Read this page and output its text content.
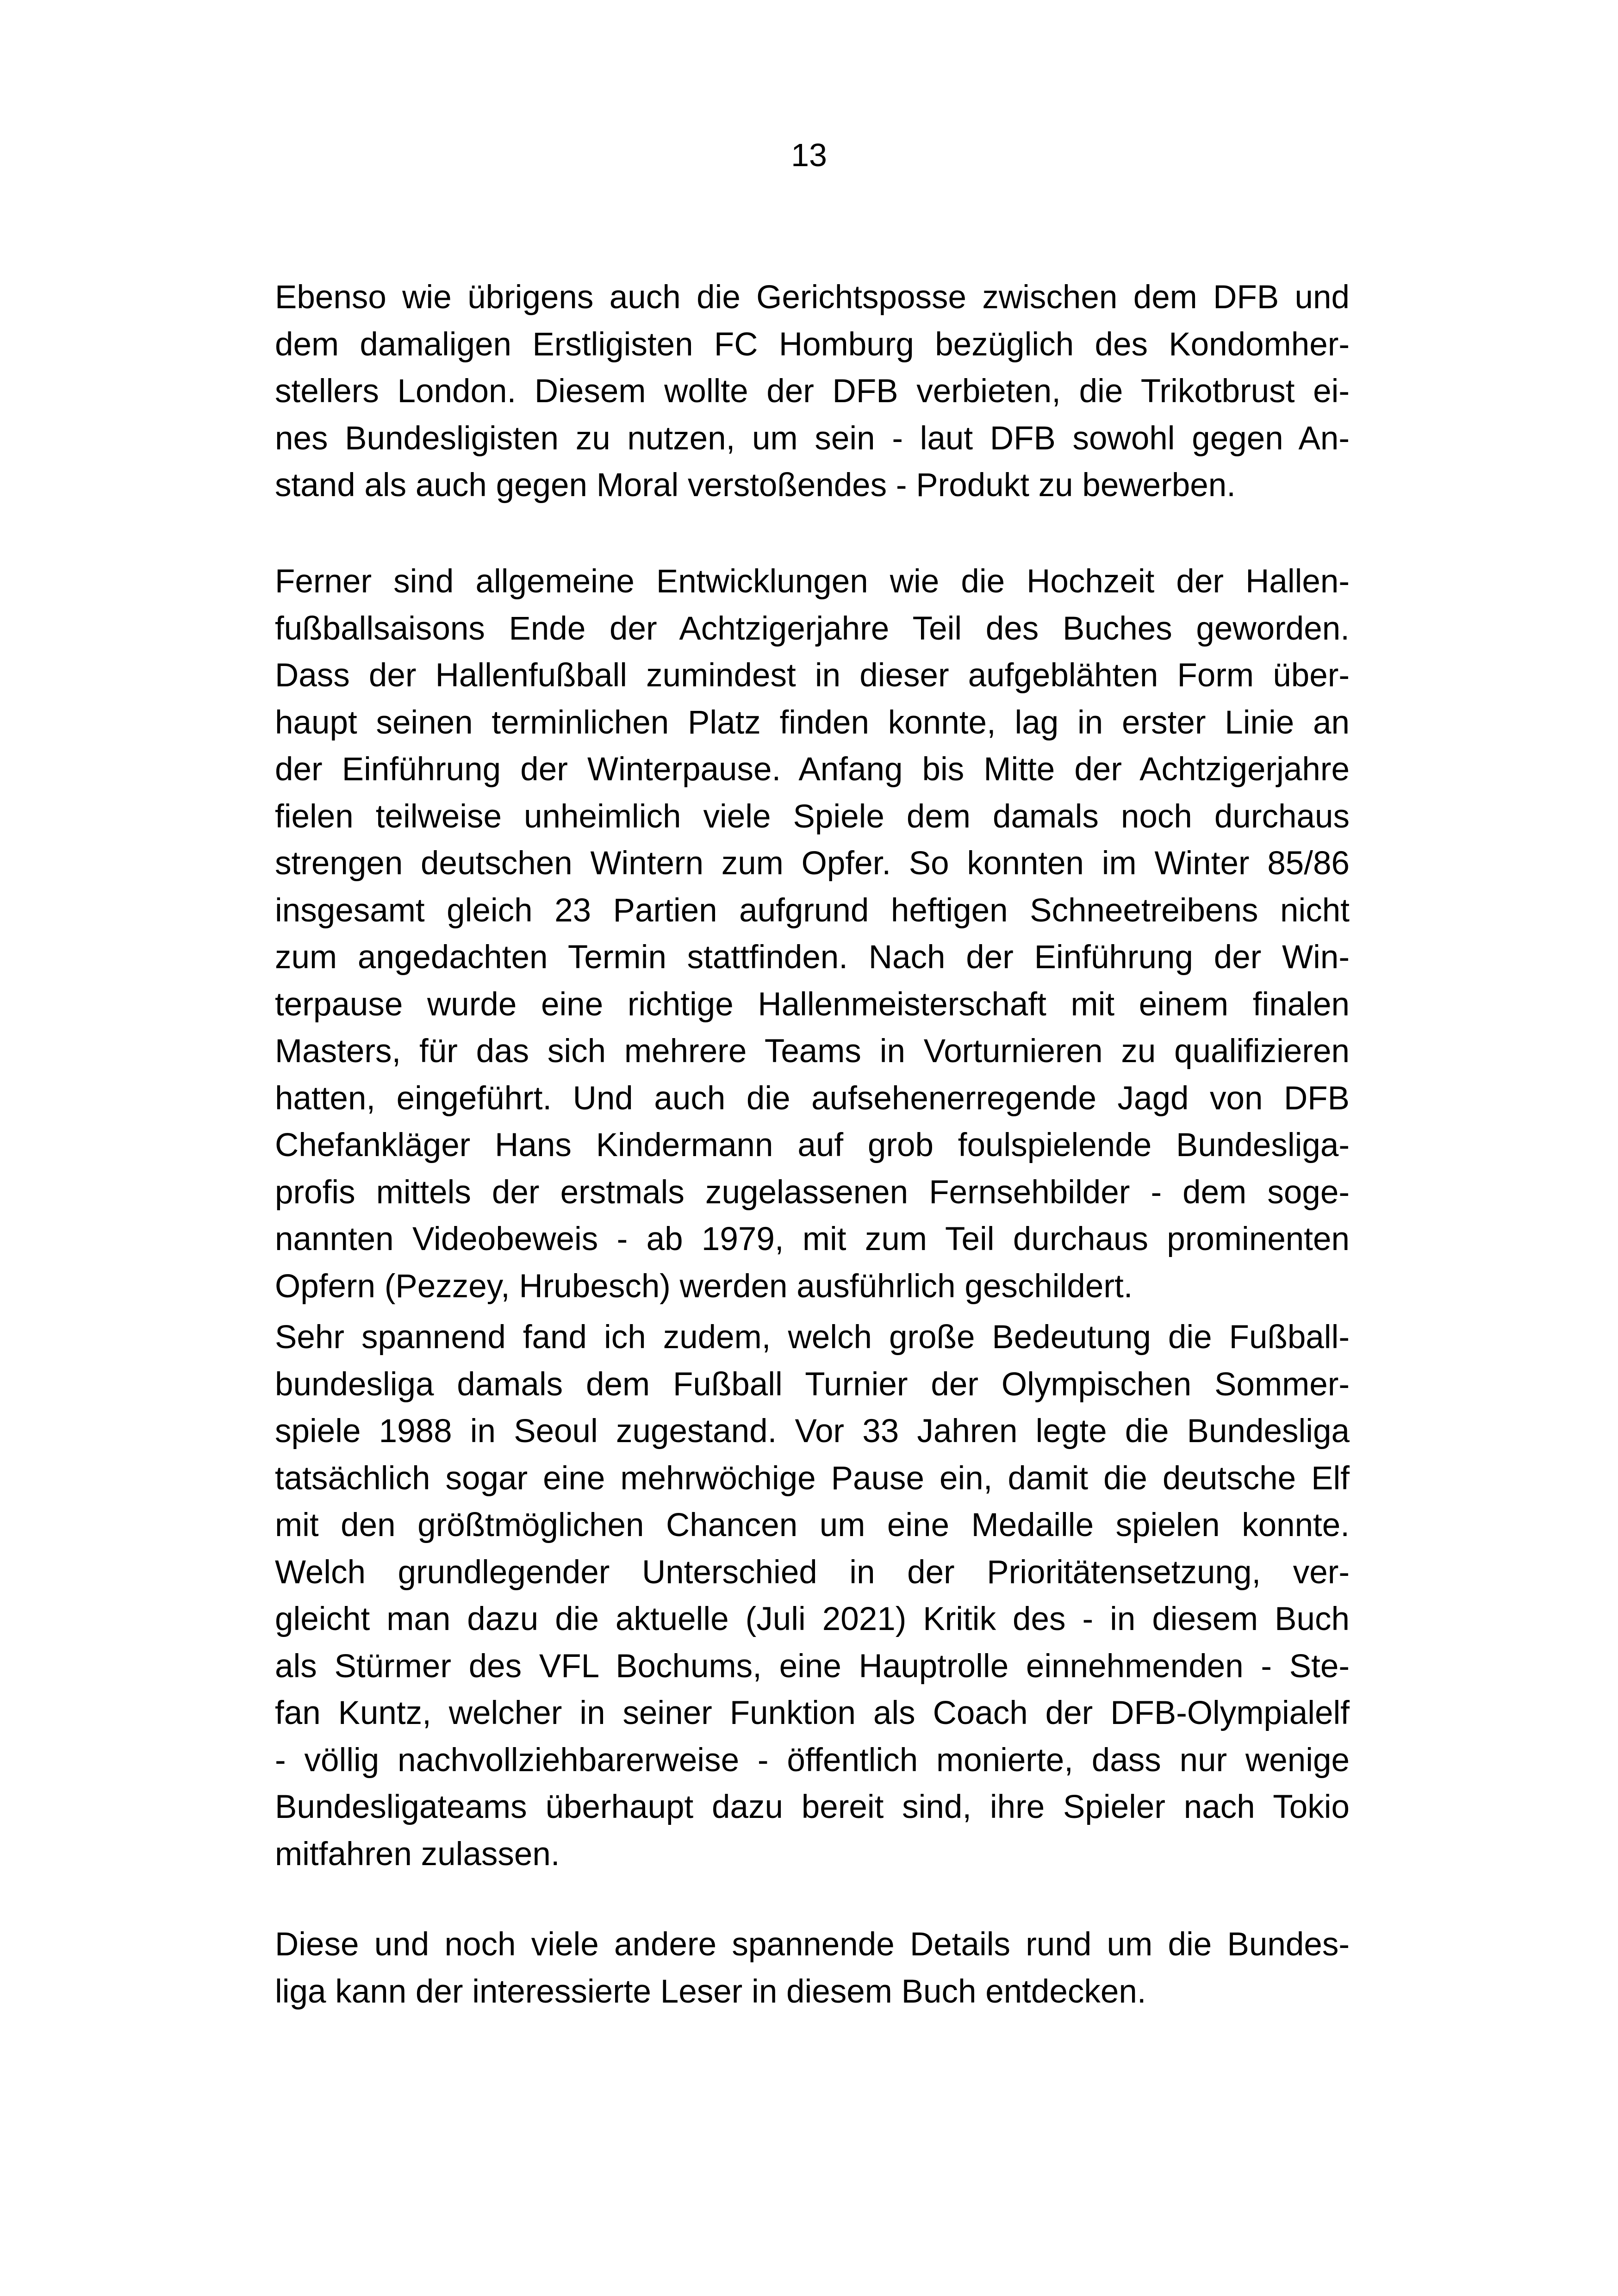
13
Ebenso wie übrigens auch die Gerichtsposse zwischen dem DFB und
dem damaligen Erstligisten FC Homburg bezüglich des Kondomher-
stellers London. Diesem wollte der DFB verbieten, die Trikotbrust ei-
nes Bundesligisten zu nutzen, um sein - laut DFB sowohl gegen An-
stand als auch gegen Moral verstoßendes - Produkt zu bewerben.
Ferner sind allgemeine Entwicklungen wie die Hochzeit der Hallen-
fußballsaisons Ende der Achtzigerjahre Teil des Buches geworden.
Dass der Hallenfußball zumindest in dieser aufgeblähten Form über-
haupt seinen terminlichen Platz finden konnte, lag in erster Linie an
der Einführung der Winterpause. Anfang bis Mitte der Achtzigerjahre
fielen teilweise unheimlich viele Spiele dem damals noch durchaus
strengen deutschen Wintern zum Opfer. So konnten im Winter 85/86
insgesamt gleich 23 Partien aufgrund heftigen Schneetreibens nicht
zum angedachten Termin stattfinden. Nach der Einführung der Win-
terpause wurde eine richtige Hallenmeisterschaft mit einem finalen
Masters, für das sich mehrere Teams in Vorturnieren zu qualifizieren
hatten, eingeführt. Und auch die aufsehenerregende Jagd von DFB
Chefankläger Hans Kindermann auf grob foulspielende Bundesliga-
profis mittels der erstmals zugelassenen Fernsehbilder - dem soge-
nannten Videobeweis - ab 1979, mit zum Teil durchaus prominenten
Opfern (Pezzey, Hrubesch) werden ausführlich geschildert.
Sehr spannend fand ich zudem, welch große Bedeutung die Fußball-
bundesliga damals dem Fußball Turnier der Olympischen Sommer-
spiele 1988 in Seoul zugestand. Vor 33 Jahren legte die Bundesliga
tatsächlich sogar eine mehrwöchige Pause ein, damit die deutsche Elf
mit den größtmöglichen Chancen um eine Medaille spielen konnte.
Welch grundlegender Unterschied in der Prioritätensetzung, ver-
gleicht man dazu die aktuelle (Juli 2021) Kritik des - in diesem Buch
als Stürmer des VFL Bochums, eine Hauptrolle einnehmenden - Ste-
fan Kuntz, welcher in seiner Funktion als Coach der DFB-Olympialelf
- völlig nachvollziehbarerweise - öffentlich monierte, dass nur wenige
Bundesligateams überhaupt dazu bereit sind, ihre Spieler nach Tokio
mitfahren zulassen.
Diese und noch viele andere spannende Details rund um die Bundes-
liga kann der interessierte Leser in diesem Buch entdecken.
